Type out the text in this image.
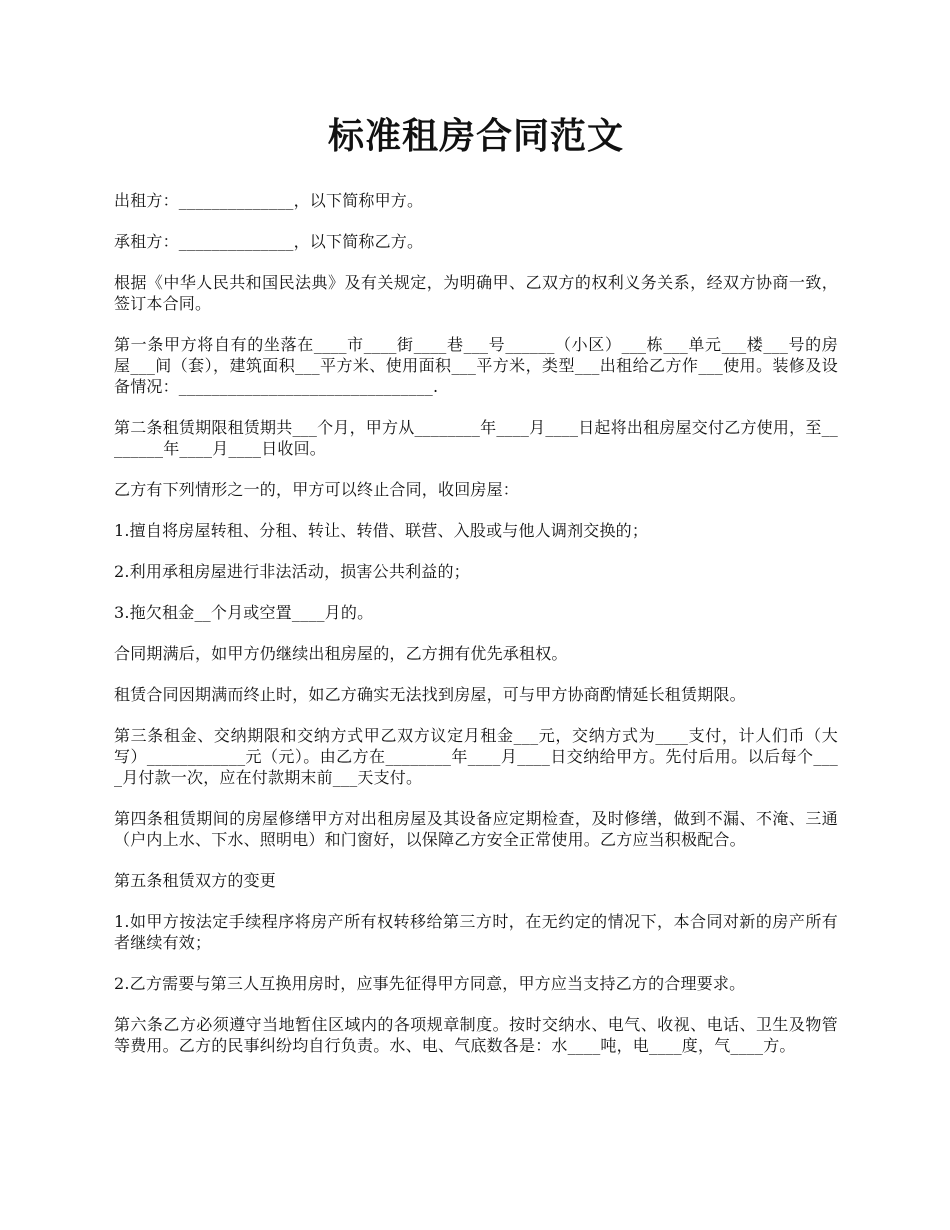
标准租房合同范文

出租方：______________，以下简称甲方。

承租方：______________，以下简称乙方。

根据《中华人民共和国民法典》及有关规定，为明确甲、乙双方的权利义务关系，经双方协商一致，签订本合同。

第一条甲方将自有的坐落在____市____街____巷___号______（小区）___栋___单元___楼___号的房屋___间（套），建筑面积___平方米、使用面积___平方米，类型___出租给乙方作___使用。装修及设备情况：_______________________________.

第二条租赁期限租赁期共___个月，甲方从________年____月____日起将出租房屋交付乙方使用，至________年____月____日收回。

乙方有下列情形之一的，甲方可以终止合同，收回房屋：

1.擅自将房屋转租、分租、转让、转借、联营、入股或与他人调剂交换的；

2.利用承租房屋进行非法活动，损害公共利益的；

3.拖欠租金__个月或空置____月的。

合同期满后，如甲方仍继续出租房屋的，乙方拥有优先承租权。

租赁合同因期满而终止时，如乙方确实无法找到房屋，可与甲方协商酌情延长租赁期限。

第三条租金、交纳期限和交纳方式甲乙双方议定月租金___元，交纳方式为____支付，计人们币（大写）____________元（元）。由乙方在________年____月____日交纳给甲方。先付后用。以后每个____月付款一次，应在付款期末前___天支付。

第四条租赁期间的房屋修缮甲方对出租房屋及其设备应定期检查，及时修缮，做到不漏、不淹、三通（户内上水、下水、照明电）和门窗好，以保障乙方安全正常使用。乙方应当积极配合。

第五条租赁双方的变更

1.如甲方按法定手续程序将房产所有权转移给第三方时，在无约定的情况下，本合同对新的房产所有者继续有效；

2.乙方需要与第三人互换用房时，应事先征得甲方同意，甲方应当支持乙方的合理要求。

第六条乙方必须遵守当地暂住区域内的各项规章制度。按时交纳水、电气、收视、电话、卫生及物管等费用。乙方的民事纠纷均自行负责。水、电、气底数各是：水____吨，电____度，气____方。
